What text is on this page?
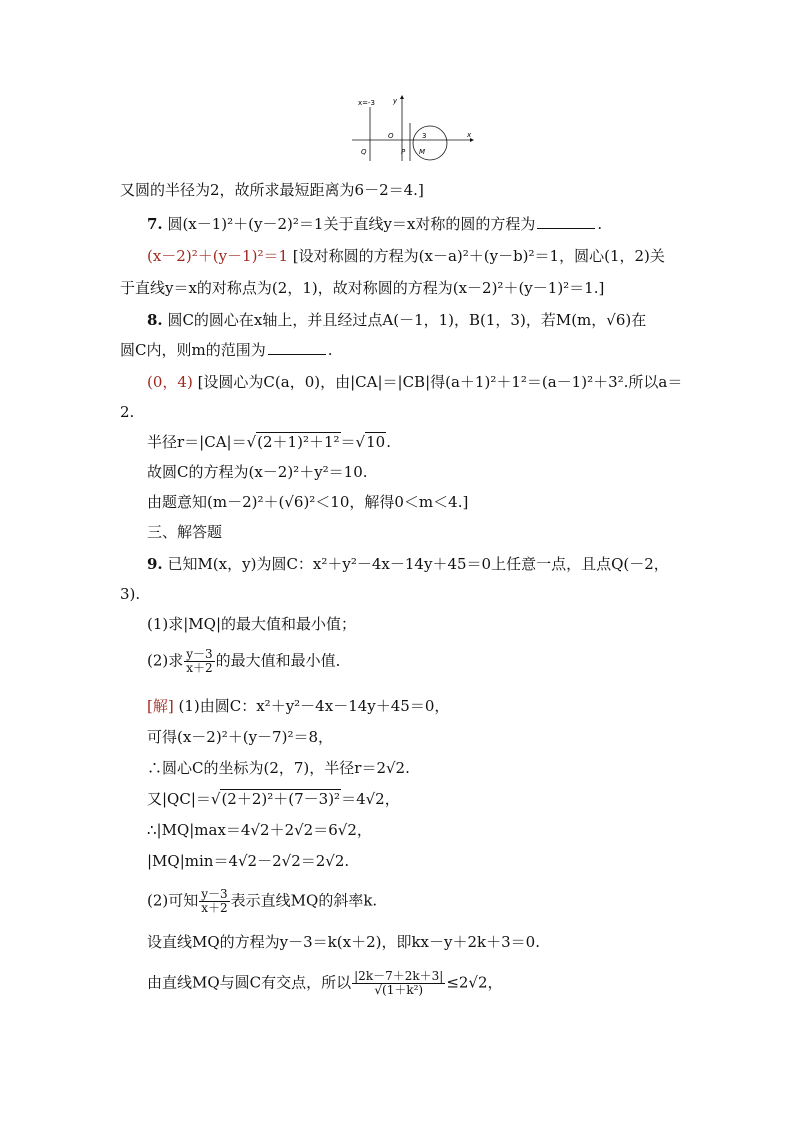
x=-3	y
x
O	3
Q	P M
又圆的半径为2，故所求最短距离为6－2＝4.]
7. 圆(x－1)²＋(y－2)²＝1关于直线y＝x对称的圆的方程为	.
(x－2)²＋(y－1)²＝1 [设对称圆的方程为(x－a)²＋(y－b)²＝1，圆心(1，2)关
于直线y＝x的对称点为(2，1)，故对称圆的方程为(x－2)²＋(y－1)²＝1.]
8. 圆C的圆心在x轴上，并且经过点A(－1，1)，B(1，3)，若M(m，√6)在
圆C内，则m的范围为	.
(0，4) [设圆心为C(a，0)，由|CA|＝|CB|得(a＋1)²＋1²＝(a－1)²＋3².所以a＝
2.
半径r＝|CA|＝√(2＋1)²＋1²＝√10.
故圆C的方程为(x－2)²＋y²＝10.
由题意知(m－2)²＋(√6)²＜10，解得0＜m＜4.]
三、解答题
9. 已知M(x，y)为圆C：x²＋y²－4x－14y＋45＝0上任意一点，且点Q(－2，
3).
(1)求|MQ|的最大值和最小值；
(2)求 $\frac{y-3}{x+2}$ 的最大值和最小值．
[解] (1)由圆C：x²＋y²－4x－14y＋45＝0，
可得(x－2)²＋(y－7)²＝8，
∴圆心C的坐标为(2，7)，半径r＝2√2.
又|QC|＝√(2＋2)²＋(7－3)²＝4√2，
∴|MQ|max＝4√2＋2√2＝6√2，
|MQ|min＝4√2－2√2＝2√2.
(2)可知 $\frac{y-3}{x+2}$ 表示直线MQ的斜率k.
设直线MQ的方程为y－3＝k(x＋2)，即kx－y＋2k＋3＝0.
由直线MQ与圆C有交点，所以 $\frac{|2k-7+2k+3|}{\text{√(1＋k²)}} \le 2√2$，
